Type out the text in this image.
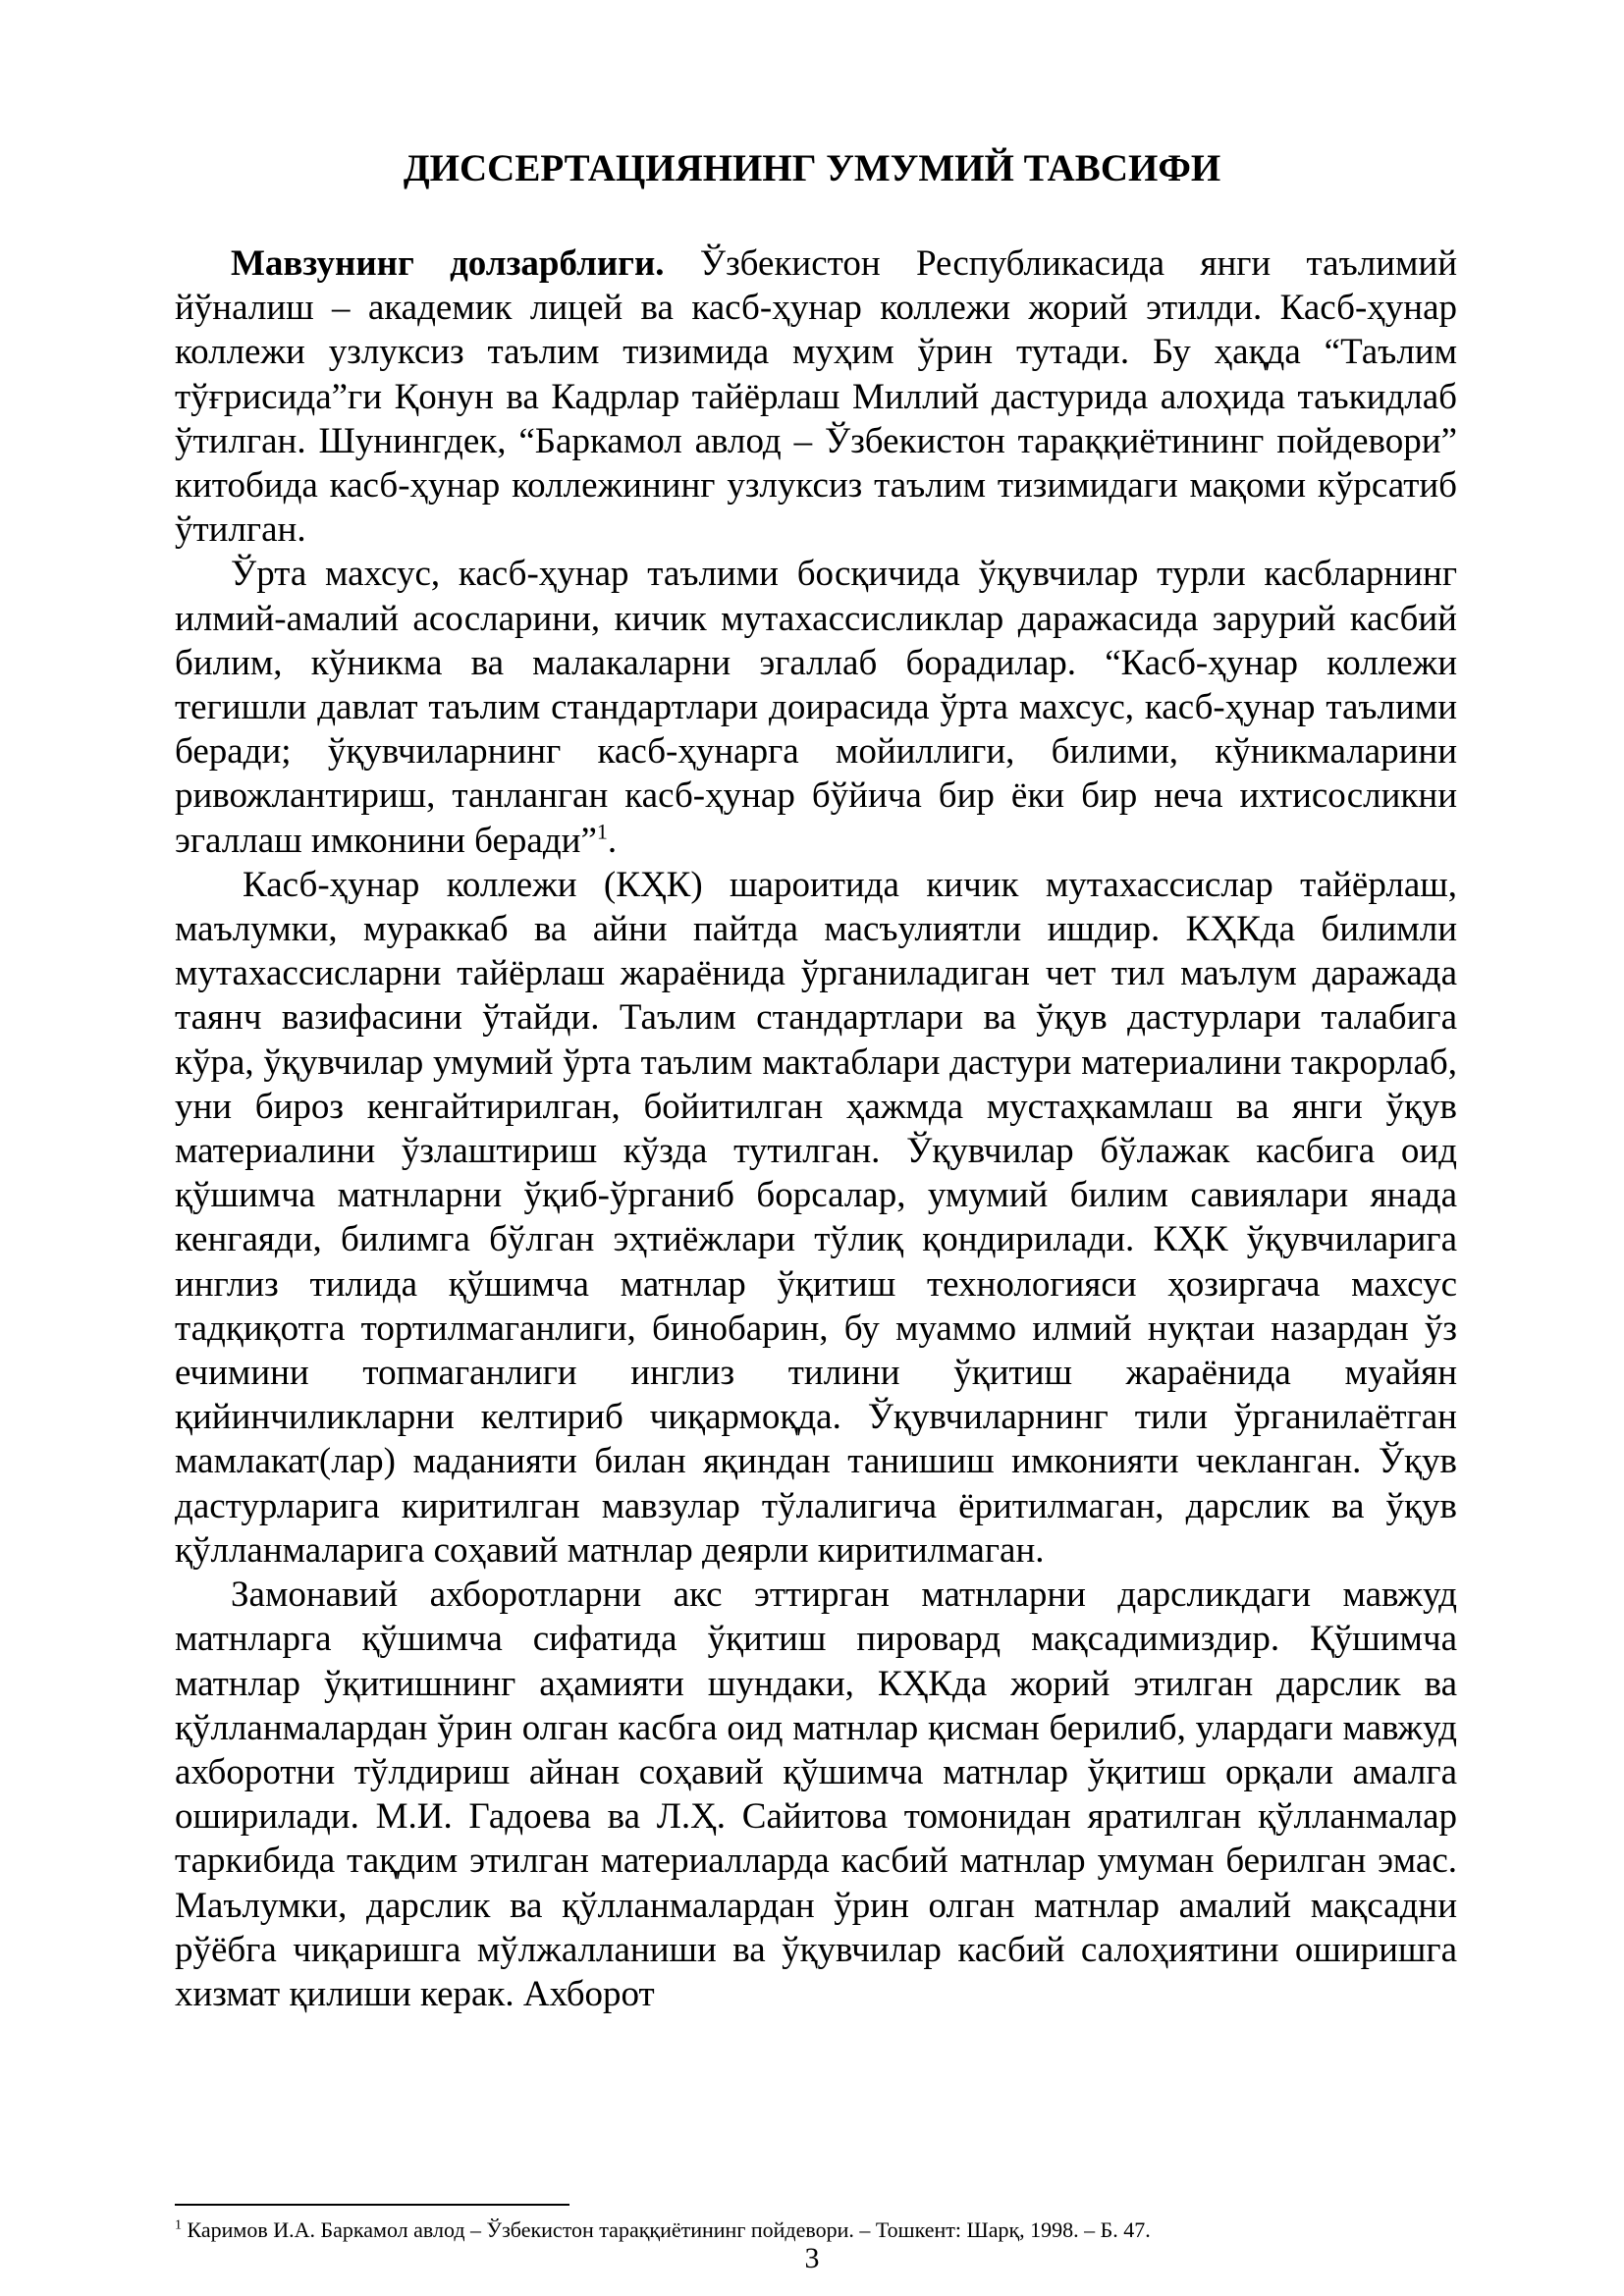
ДИССЕРТАЦИЯНИНГ УМУМИЙ ТАВСИФИ

Мавзунинг долзарблиги. Ўзбекистон Республикасида янги таълимий йўналиш – академик лицей ва касб-ҳунар коллежи жорий этилди. Касб-ҳунар коллежи узлуксиз таълим тизимида муҳим ўрин тутади. Бу ҳақда “Таълим тўғрисида”ги Қонун ва Кадрлар тайёрлаш Миллий дастурида алоҳида таъкидлаб ўтилган. Шунингдек, “Баркамол авлод – Ўзбекистон тараққиётининг пойдевори” китобида касб-ҳунар коллежининг узлуксиз таълим тизимидаги мақоми кўрсатиб ўтилган.

Ўрта махсус, касб-ҳунар таълими босқичида ўқувчилар турли касбларнинг илмий-амалий асосларини, кичик мутахассисликлар даражасида зарурий касбий билим, кўникма ва малакаларни эгаллаб борадилар. “Касб-ҳунар коллежи тегишли давлат таълим стандартлари доирасида ўрта махсус, касб-ҳунар таълими беради; ўқувчиларнинг касб-ҳунарга мойиллиги, билими, кўникмаларини ривожлантириш, танланган касб-ҳунар бўйича бир ёки бир неча ихтисосликни эгаллаш имконини беради”$^1$.

Касб-ҳунар коллежи (КҲК) шароитида кичик мутахассислар тайёрлаш, маълумки, мураккаб ва айни пайтда масъулиятли ишдир. КҲКда билимли мутахассисларни тайёрлаш жараёнида ўрганиладиган чет тил маълум даражада таянч вазифасини ўтайди. Таълим стандартлари ва ўқув дастурлари талабига кўра, ўқувчилар умумий ўрта таълим мактаблари дастури материалини такрорлаб, уни бироз кенгайтирилган, бойитилган ҳажмда мустаҳкамлаш ва янги ўқув материалини ўзлаштириш кўзда тутилган. Ўқувчилар бўлажак касбига оид қўшимча матнларни ўқиб-ўрганиб борсалар, умумий билим савиялари янада кенгаяди, билимга бўлган эҳтиёжлари тўлиқ қондирилади. КҲК ўқувчиларига инглиз тилида қўшимча матнлар ўқитиш технологияси ҳозиргача махсус тадқиқотга тортилмаганлиги, бинобарин, бу муаммо илмий нуқтаи назардан ўз ечимини топмаганлиги инглиз тилини ўқитиш жараёнида муайян қийинчиликларни келтириб чиқармоқда. Ўқувчиларнинг тили ўрганилаётган мамлакат(лар) маданияти билан яқиндан танишиш имконияти чекланган. Ўқув дастурларига киритилган мавзулар тўлалигича ёритилмаган, дарслик ва ўқув қўлланмаларига соҳавий матнлар деярли киритилмаган.

Замонавий ахборотларни акс эттирган матнларни дарсликдаги мавжуд матнларга қўшимча сифатида ўқитиш пировард мақсадимиздир. Қўшимча матнлар ўқитишнинг аҳамияти шундаки, КҲКда жорий этилган дарслик ва қўлланмалардан ўрин олган касбга оид матнлар қисман берилиб, улардаги мавжуд ахборотни тўлдириш айнан соҳавий қўшимча матнлар ўқитиш орқали амалга оширилади. М.И. Гадоева ва Л.Ҳ. Сайитова томонидан яратилган қўлланмалар таркибида тақдим этилган материалларда касбий матнлар умуман берилган эмас. Маълумки, дарслик ва қўлланмалардан ўрин олган матнлар амалий мақсадни рўёбга чиқаришга мўлжалланиши ва ўқувчилар касбий салоҳиятини оширишга хизмат қилиши керак. Ахборот

$^1$ Каримов И.А. Баркамол авлод – Ўзбекистон тараққиётининг пойдевори. – Тошкент: Шарқ, 1998. – Б. 47.

3
